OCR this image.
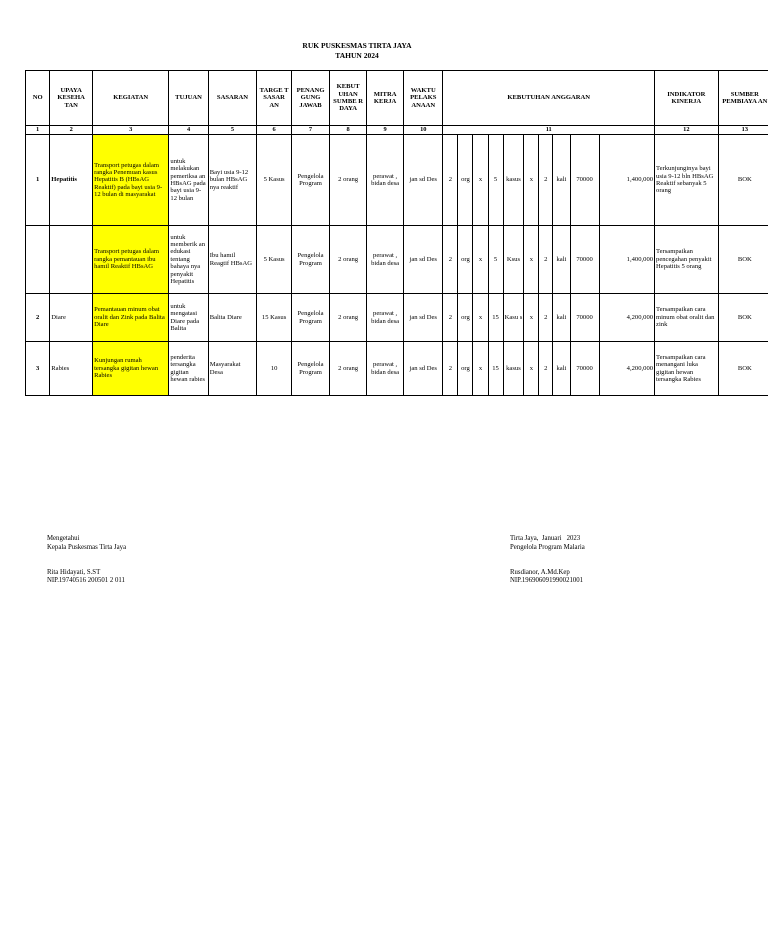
RUK PUSKESMAS TIRTA JAYA
TAHUN 2024
NO	UPAYA KESEHA TAN	KEGIATAN	TUJUAN	SASARAN	TARGE T SASAR AN	PENANG GUNG JAWAB	KEBUT UHAN SUMBE R DAYA	MITRA KERJA	WAKTU PELAKS ANAAN	KEBUTUHAN ANGGARAN										INDIKATOR KINERJA	SUMBER PEMBIAYA AN
1	2	3	4	5	6	7	8	9	10	11										12	13
1	Hepatitis	Transport petugas dalam rangka Penemuan kasus Hepatitis B (HBsAG Reaktif) pada bayi usia 9-12 bulan di masyarakat	untuk melakukan pemeriksa an HBsAG pada bayi usia 9-12 bulan	Bayi usia 9-12 bulan HBsAG nya reaktif	5 Kasus	Pengelola Program	2 orang	perawat , bidan desa	jan sd Des	2	org	x	5	kasus	x	2	kali	70000	1,400,000	Terkunjunginya bayi usia 9-12 bln HBsAG Reaktif sebanyak 5 orang	BOK
		Transport petugas dalam rangka pemantauan ibu hamil Reaktif HBsAG	untuk memberik an edukasi tentang bahaya nya penyakit Hepatitis	Ibu hamil Reagtif HBsAG	5 Kasus	Pengelola Program	2 orang	perawat , bidan desa	jan sd Des	2	org	x	5	Ksus	x	2	kali	70000	1,400,000	Tersampaikan pencegahan penyakit Hepatitis 5 orang	BOK
2	Diare	Pemantauan minum obat oralit dan Zink pada Balita Diare	untuk mengatasi Diare pada Balita	Balita Diare	15 Kasus	Pengelola Program	2 orang	perawat , bidan desa	jan sd Des	2	org	x	15	Kasu s	x	2	kali	70000	4,200,000	Tersampaikan cara minum obat oralit dan zink	BOK
3	Rabies	Kunjungan rumah tersangka gigitan hewan Rabies	penderita tersangka gigitan hewan rabies	Masyarakat Desa	10	Pengelola Program	2 orang	perawat , bidan desa	jan sd Des	2	org	x	15	kasus	x	2	kali	70000	4,200,000	Tersampaikan cara menangani luka gigitan hewan tersangka Rabies	BOK
Mengetahui
Kepala Puskesmas Tirta Jaya
Rita Hidayati, S.ST
NIP.19740516 200501 2 011
Tirta Jaya,  Januari   2023
Pengelola Program Malaria
Rusdianor, A.Md.Kep
NIP.196906091990021001
